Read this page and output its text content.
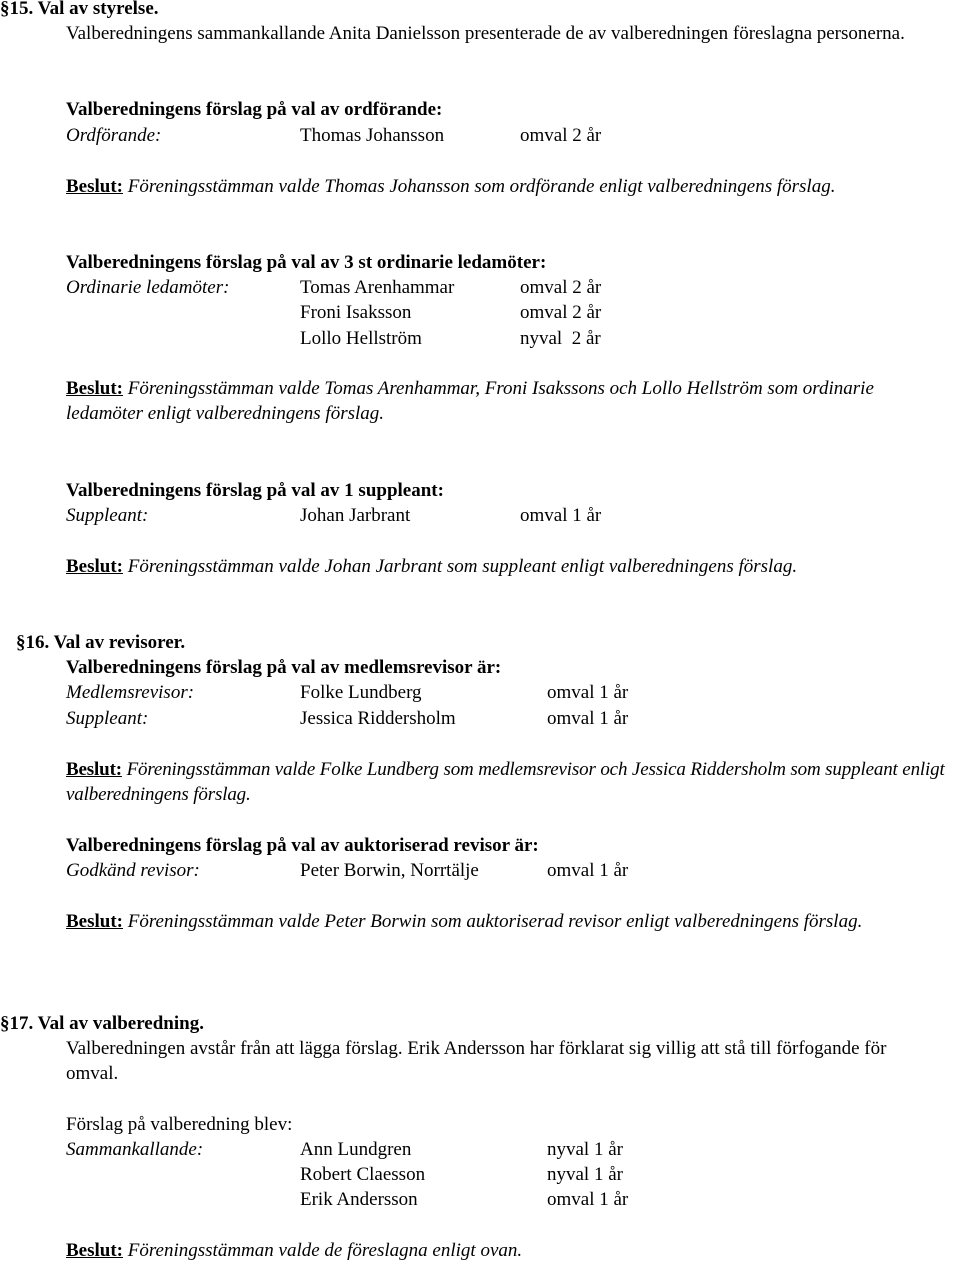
§15. Val av styrelse.
Valberedningens sammankallande Anita Danielsson presenterade de av valberedningen föreslagna personerna.
Valberedningens förslag på val av ordförande:
Ordförande:	Thomas Johansson	omval 2 år
Beslut: Föreningsstämman valde Thomas Johansson som ordförande enligt valberedningens förslag.
Valberedningens förslag på val av 3 st ordinarie ledamöter:
Ordinarie ledamöter:	Tomas Arenhammar	omval 2 år
Froni Isaksson	omval 2 år
Lollo Hellström	nyval  2 år
Beslut: Föreningsstämman valde Tomas Arenhammar, Froni Isakssons och Lollo Hellström som ordinarie ledamöter enligt valberedningens förslag.
Valberedningens förslag på val av 1 suppleant:
Suppleant:	Johan Jarbrant	omval 1 år
Beslut: Föreningsstämman valde Johan Jarbrant som suppleant enligt valberedningens förslag.
§16. Val av revisorer.
Valberedningens förslag på val av medlemsrevisor är:
Medlemsrevisor:	Folke Lundberg	omval 1 år
Suppleant:	Jessica Riddersholm	omval 1 år
Beslut: Föreningsstämman valde Folke Lundberg som medlemsrevisor och Jessica Riddersholm som suppleant enligt valberedningens förslag.
Valberedningens förslag på val av auktoriserad revisor är:
Godkänd revisor:	Peter Borwin, Norrtälje	omval 1 år
Beslut: Föreningsstämman valde Peter Borwin som auktoriserad revisor enligt valberedningens förslag.
§17. Val av valberedning.
Valberedningen avstår från att lägga förslag. Erik Andersson har förklarat sig villig att stå till förfogande för omval.
Förslag på valberedning blev:
Sammankallande:	Ann Lundgren	nyval 1 år
Robert Claesson	nyval 1 år
Erik Andersson	omval 1 år
Beslut: Föreningsstämman valde de föreslagna enligt ovan.
